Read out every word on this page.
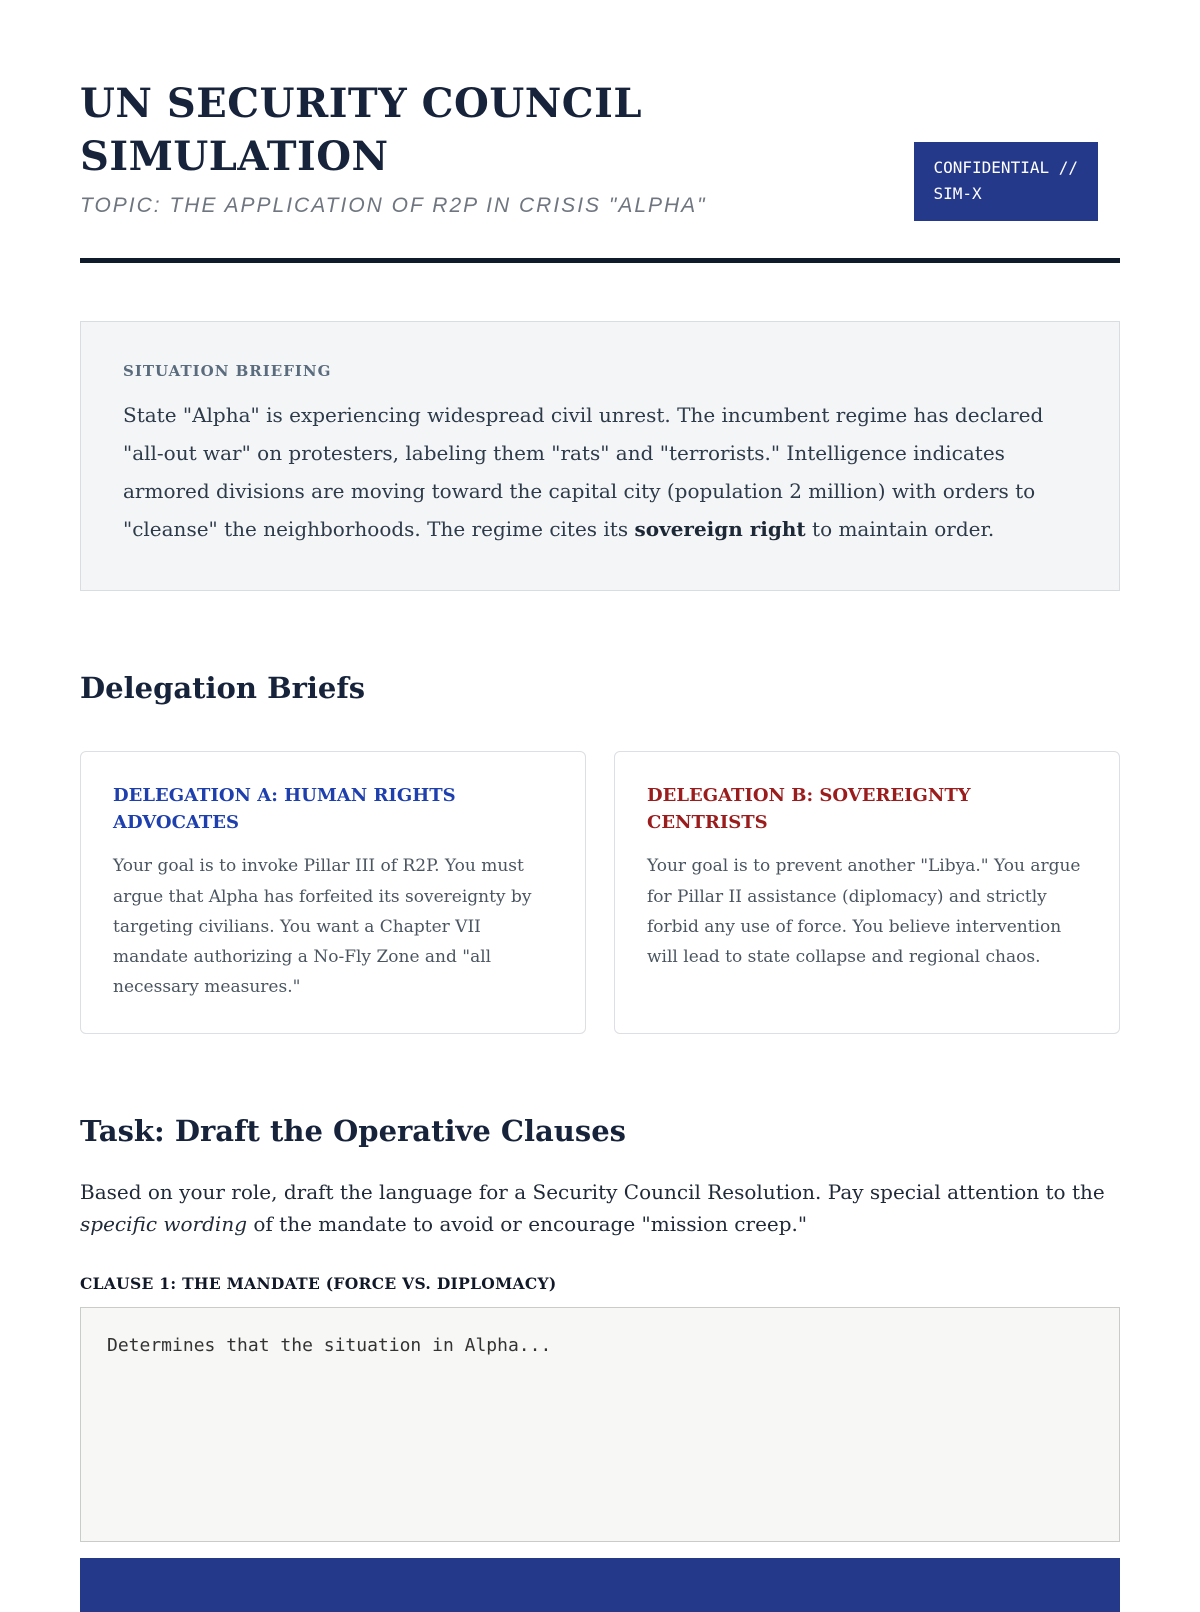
UN SECURITY COUNCIL SIMULATION

TOPIC: THE APPLICATION OF R2P IN CRISIS "ALPHA"

CONFIDENTIAL //
SIM-X
SITUATION BRIEFING

State "Alpha" is experiencing widespread civil unrest. The incumbent regime has declared "all-out war" on protesters, labeling them "rats" and "terrorists." Intelligence indicates armored divisions are moving toward the capital city (population 2 million) with orders to "cleanse" the neighborhoods. The regime cites its sovereign right to maintain order.

Delegation Briefs
DELEGATION A: HUMAN RIGHTS ADVOCATES

Your goal is to invoke Pillar III of R2P. You must argue that Alpha has forfeited its sovereignty by targeting civilians. You want a Chapter VII mandate authorizing a No-Fly Zone and "all necessary measures."

DELEGATION B: SOVEREIGNTY CENTRISTS

Your goal is to prevent another "Libya." You argue for Pillar II assistance (diplomacy) and strictly forbid any use of force. You believe intervention will lead to state collapse and regional chaos.

Task: Draft the Operative Clauses

Based on your role, draft the language for a Security Council Resolution. Pay special attention to the specific wording of the mandate to avoid or encourage "mission creep."

CLAUSE 1: THE MANDATE (FORCE VS. DIPLOMACY)
Determines that the situation in Alpha...
